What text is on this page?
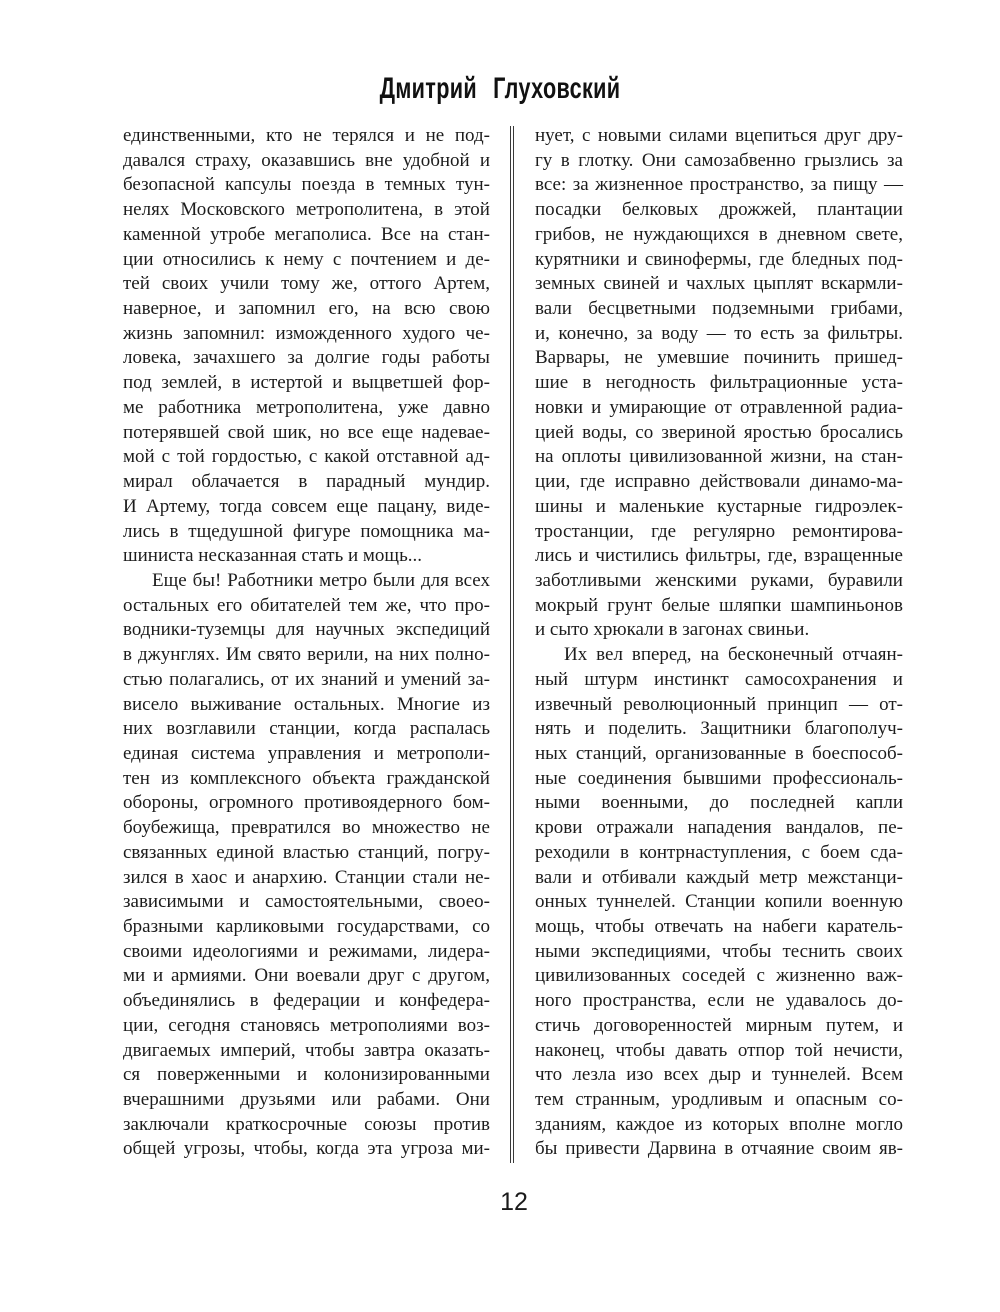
Дмитрий Глуховский
единственными, кто не терялся и не под-
давался страху, оказавшись вне удобной и
безопасной капсулы поезда в темных тун-
нелях Московского метрополитена, в этой
каменной утробе мегаполиса. Все на стан-
ции относились к нему с почтением и де-
тей своих учили тому же, оттого Артем,
наверное, и запомнил его, на всю свою
жизнь запомнил: изможденного худого че-
ловека, зачахшего за долгие годы работы
под землей, в истертой и выцветшей фор-
ме работника метрополитена, уже давно
потерявшей свой шик, но все еще надевае-
мой с той гордостью, с какой отставной ад-
мирал облачается в парадный мундир.
И Артему, тогда совсем еще пацану, виде-
лись в тщедушной фигуре помощника ма-
шиниста несказанная стать и мощь...
Еще бы! Работники метро были для всех
остальных его обитателей тем же, что про-
водники-туземцы для научных экспедиций
в джунглях. Им свято верили, на них полно-
стью полагались, от их знаний и умений за-
висело выживание остальных. Многие из
них возглавили станции, когда распалась
единая система управления и метрополи-
тен из комплексного объекта гражданской
обороны, огромного противоядерного бом-
боубежища, превратился во множество не
связанных единой властью станций, погру-
зился в хаос и анархию. Станции стали не-
зависимыми и самостоятельными, своео-
бразными карликовыми государствами, со
своими идеологиями и режимами, лидера-
ми и армиями. Они воевали друг с другом,
объединялись в федерации и конфедера-
ции, сегодня становясь метрополиями воз-
двигаемых империй, чтобы завтра оказать-
ся поверженными и колонизированными
вчерашними друзьями или рабами. Они
заключали краткосрочные союзы против
общей угрозы, чтобы, когда эта угроза ми-
нует, с новыми силами вцепиться друг дру-
гу в глотку. Они самозабвенно грызлись за
все: за жизненное пространство, за пищу —
посадки белковых дрожжей, плантации
грибов, не нуждающихся в дневном свете,
курятники и свинофермы, где бледных под-
земных свиней и чахлых цыплят вскармли-
вали бесцветными подземными грибами,
и, конечно, за воду — то есть за фильтры.
Варвары, не умевшие починить пришед-
шие в негодность фильтрационные уста-
новки и умирающие от отравленной радиа-
цией воды, со звериной яростью бросались
на оплоты цивилизованной жизни, на стан-
ции, где исправно действовали динамо-ма-
шины и маленькие кустарные гидроэлек-
тростанции, где регулярно ремонтирова-
лись и чистились фильтры, где, взращенные
заботливыми женскими руками, буравили
мокрый грунт белые шляпки шампиньонов
и сыто хрюкали в загонах свиньи.
Их вел вперед, на бесконечный отчаян-
ный штурм инстинкт самосохранения и
извечный революционный принцип — от-
нять и поделить. Защитники благополуч-
ных станций, организованные в боеспособ-
ные соединения бывшими профессиональ-
ными военными, до последней капли
крови отражали нападения вандалов, пе-
реходили в контрнаступления, с боем сда-
вали и отбивали каждый метр межстанци-
онных туннелей. Станции копили военную
мощь, чтобы отвечать на набеги каратель-
ными экспедициями, чтобы теснить своих
цивилизованных соседей с жизненно важ-
ного пространства, если не удавалось до-
стичь договоренностей мирным путем, и
наконец, чтобы давать отпор той нечисти,
что лезла изо всех дыр и туннелей. Всем
тем странным, уродливым и опасным со-
зданиям, каждое из которых вполне могло
бы привести Дарвина в отчаяние своим яв-
12
